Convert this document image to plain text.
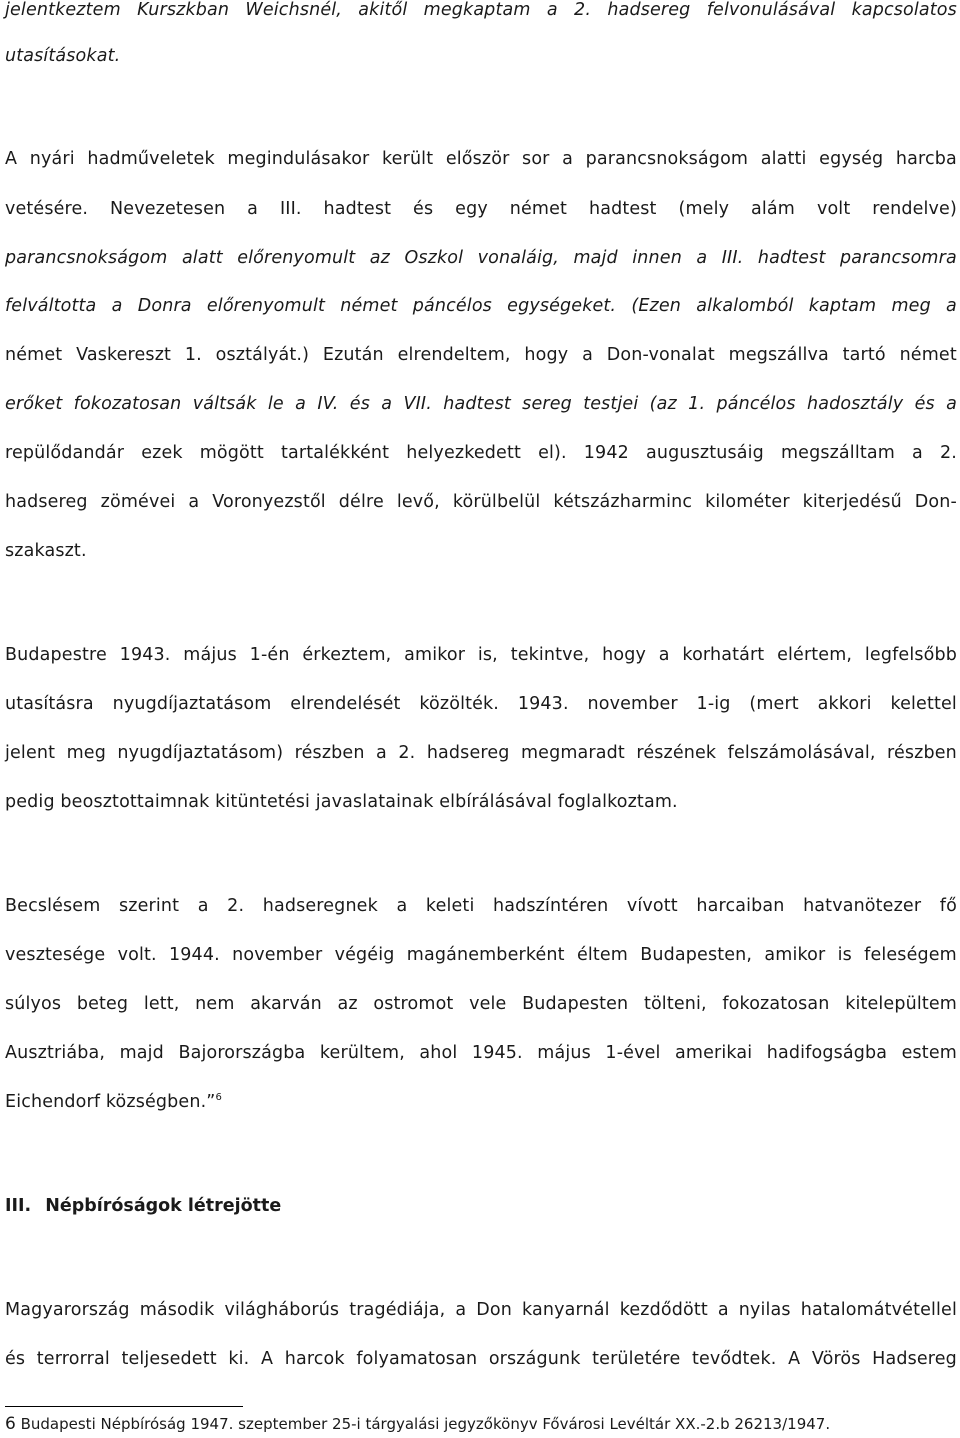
jelentkeztem Kurszkban Weichsnél, akitől megkaptam a 2. hadsereg felvonulásával kapcsolatos
utasításokat.
A nyári hadműveletek megindulásakor került először sor a parancsnokságom alatti egység harcba
vetésére. Nevezetesen a III. hadtest és egy német hadtest (mely alám volt rendelve)
parancsnokságom alatt előrenyomult az Oszkol vonaláig, majd innen a III. hadtest parancsomra
felváltotta a Donra előrenyomult német páncélos egységeket. (Ezen alkalomból kaptam meg a
német Vaskereszt 1. osztályát.) Ezután elrendeltem, hogy a Don-vonalat megszállva tartó német
erőket fokozatosan váltsák le a IV. és a VII. hadtest sereg testjei (az 1. páncélos hadosztály és a
repülődandár ezek mögött tartalékként helyezkedett el). 1942 augusztusáig megszálltam a 2.
hadsereg zömévei a Voronyezstől délre levő, körülbelül kétszázharminc kilométer kiterjedésű Don-
szakaszt.
Budapestre 1943. május 1-én érkeztem, amikor is, tekintve, hogy a korhatárt elértem, legfelsőbb
utasításra nyugdíjaztatásom elrendelését közölték. 1943. november 1-ig (mert akkori kelettel
jelent meg nyugdíjaztatásom) részben a 2. hadsereg megmaradt részének felszámolásával, részben
pedig beosztottaimnak kitüntetési javaslatainak elbírálásával foglalkoztam.
Becslésem szerint a 2. hadseregnek a keleti hadszíntéren vívott harcaiban hatvanötezer fő
vesztesége volt. 1944. november végéig magánemberként éltem Budapesten, amikor is feleségem
súlyos beteg lett, nem akarván az ostromot vele Budapesten tölteni, fokozatosan kitelepültem
Ausztriába, majd Bajorországba kerültem, ahol 1945. május 1-ével amerikai hadifogságba estem
Eichendorf községben.”$^6$
III. Népbíróságok létrejötte
Magyarország második világháborús tragédiája, a Don kanyarnál kezdődött a nyilas hatalomátvétellel
és terrorral teljesedett ki. A harcok folyamatosan országunk területére tevődtek. A Vörös Hadsereg
6 Budapesti Népbíróság 1947. szeptember 25-i tárgyalási jegyzőkönyv Fővárosi Levéltár XX.-2.b 26213/1947.
